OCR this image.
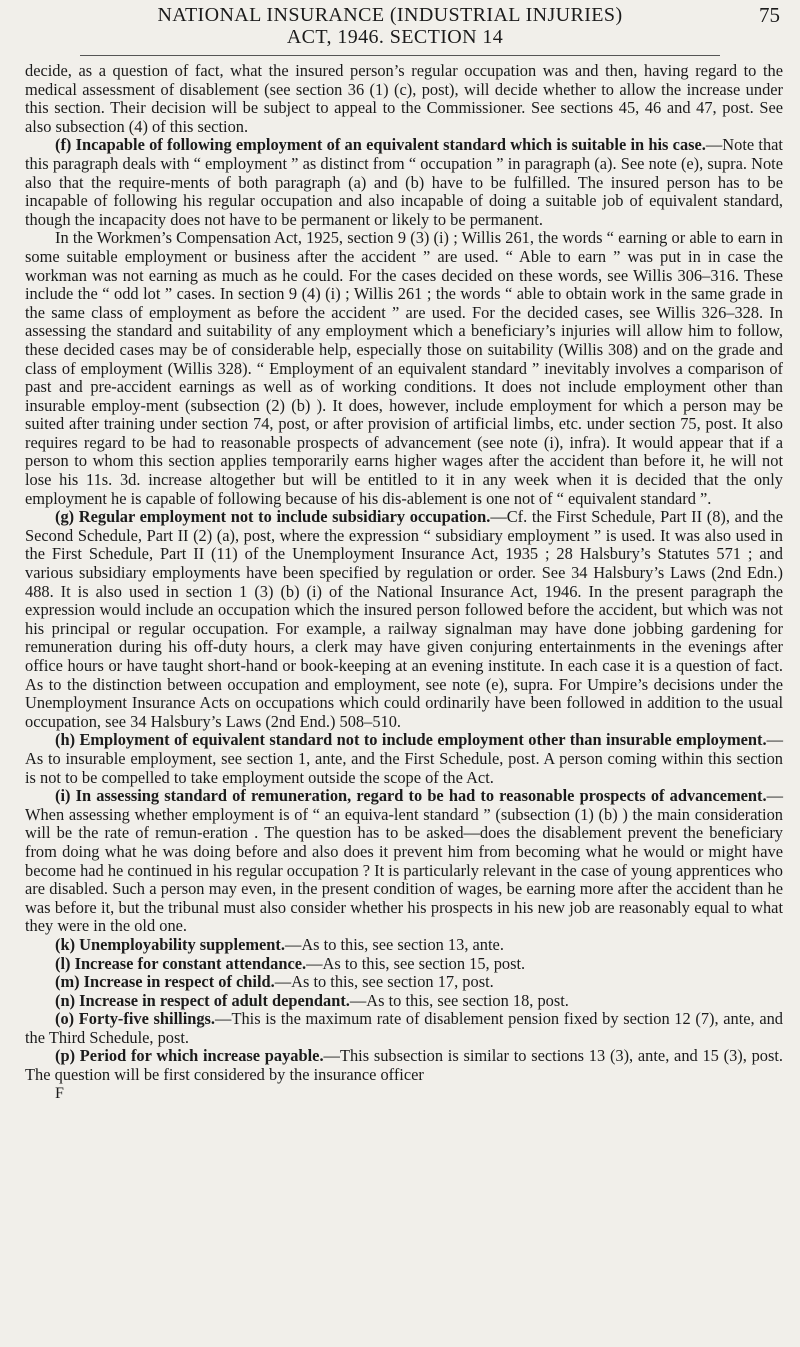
NATIONAL INSURANCE (INDUSTRIAL INJURIES)
ACT, 1946. SECTION 14
75

decide, as a question of fact, what the insured person’s regular occupation was and then, having regard to the medical assessment of disablement (see section 36 (1) (c), post), will decide whether to allow the increase under this section. Their decision will be subject to appeal to the Commissioner. See sections 45, 46 and 47, post. See also subsection (4) of this section.

(f) Incapable of following employment of an equivalent standard which is suitable in his case.—Note that this paragraph deals with “ employment ” as distinct from “ occupation ” in paragraph (a). See note (e), supra. Note also that the require-ments of both paragraph (a) and (b) have to be fulfilled. The insured person has to be incapable of following his regular occupation and also incapable of doing a suitable job of equivalent standard, though the incapacity does not have to be permanent or likely to be permanent.

In the Workmen’s Compensation Act, 1925, section 9 (3) (i) ; Willis 261, the words “ earning or able to earn in some suitable employment or business after the accident ” are used. “ Able to earn ” was put in in case the workman was not earning as much as he could. For the cases decided on these words, see Willis 306–316. These include the “ odd lot ” cases. In section 9 (4) (i) ; Willis 261 ; the words “ able to obtain work in the same grade in the same class of employment as before the accident ” are used. For the decided cases, see Willis 326–328. In assessing the standard and suitability of any employment which a beneficiary’s injuries will allow him to follow, these decided cases may be of considerable help, especially those on suitability (Willis 308) and on the grade and class of employment (Willis 328). “ Employment of an equivalent standard ” inevitably involves a comparison of past and pre-accident earnings as well as of working conditions. It does not include employment other than insurable employ-ment (subsection (2) (b) ). It does, however, include employment for which a person may be suited after training under section 74, post, or after provision of artificial limbs, etc. under section 75, post. It also requires regard to be had to reasonable prospects of advancement (see note (i), infra). It would appear that if a person to whom this section applies temporarily earns higher wages after the accident than before it, he will not lose his 11s. 3d. increase altogether but will be entitled to it in any week when it is decided that the only employment he is capable of following because of his dis-ablement is one not of “ equivalent standard ”.

(g) Regular employment not to include subsidiary occupation.—Cf. the First Schedule, Part II (8), and the Second Schedule, Part II (2) (a), post, where the expression “ subsidiary employment ” is used. It was also used in the First Schedule, Part II (11) of the Unemployment Insurance Act, 1935 ; 28 Halsbury’s Statutes 571 ; and various subsidiary employments have been specified by regulation or order. See 34 Halsbury’s Laws (2nd Edn.) 488. It is also used in section 1 (3) (b) (i) of the National Insurance Act, 1946. In the present paragraph the expression would include an occupation which the insured person followed before the accident, but which was not his principal or regular occupation. For example, a railway signalman may have done jobbing gardening for remuneration during his off-duty hours, a clerk may have given conjuring entertainments in the evenings after office hours or have taught short-hand or book-keeping at an evening institute. In each case it is a question of fact. As to the distinction between occupation and employment, see note (e), supra. For Umpire’s decisions under the Unemployment Insurance Acts on occupations which could ordinarily have been followed in addition to the usual occupation, see 34 Halsbury’s Laws (2nd End.) 508–510.

(h) Employment of equivalent standard not to include employment other than insurable employment.—As to insurable employment, see section 1, ante, and the First Schedule, post. A person coming within this section is not to be compelled to take employment outside the scope of the Act.

(i) In assessing standard of remuneration, regard to be had to reasonable prospects of advancement.—When assessing whether employment is of “ an equiva-lent standard ” (subsection (1) (b) ) the main consideration will be the rate of remun-eration . The question has to be asked—does the disablement prevent the beneficiary from doing what he was doing before and also does it prevent him from becoming what he would or might have become had he continued in his regular occupation ? It is particularly relevant in the case of young apprentices who are disabled. Such a person may even, in the present condition of wages, be earning more after the accident than he was before it, but the tribunal must also consider whether his prospects in his new job are reasonably equal to what they were in the old one.

(k) Unemployability supplement.—As to this, see section 13, ante.

(l) Increase for constant attendance.—As to this, see section 15, post.

(m) Increase in respect of child.—As to this, see section 17, post.

(n) Increase in respect of adult dependant.—As to this, see section 18, post.

(o) Forty-five shillings.—This is the maximum rate of disablement pension fixed by section 12 (7), ante, and the Third Schedule, post.

(p) Period for which increase payable.—This subsection is similar to sections 13 (3), ante, and 15 (3), post. The question will be first considered by the insurance officer

F
